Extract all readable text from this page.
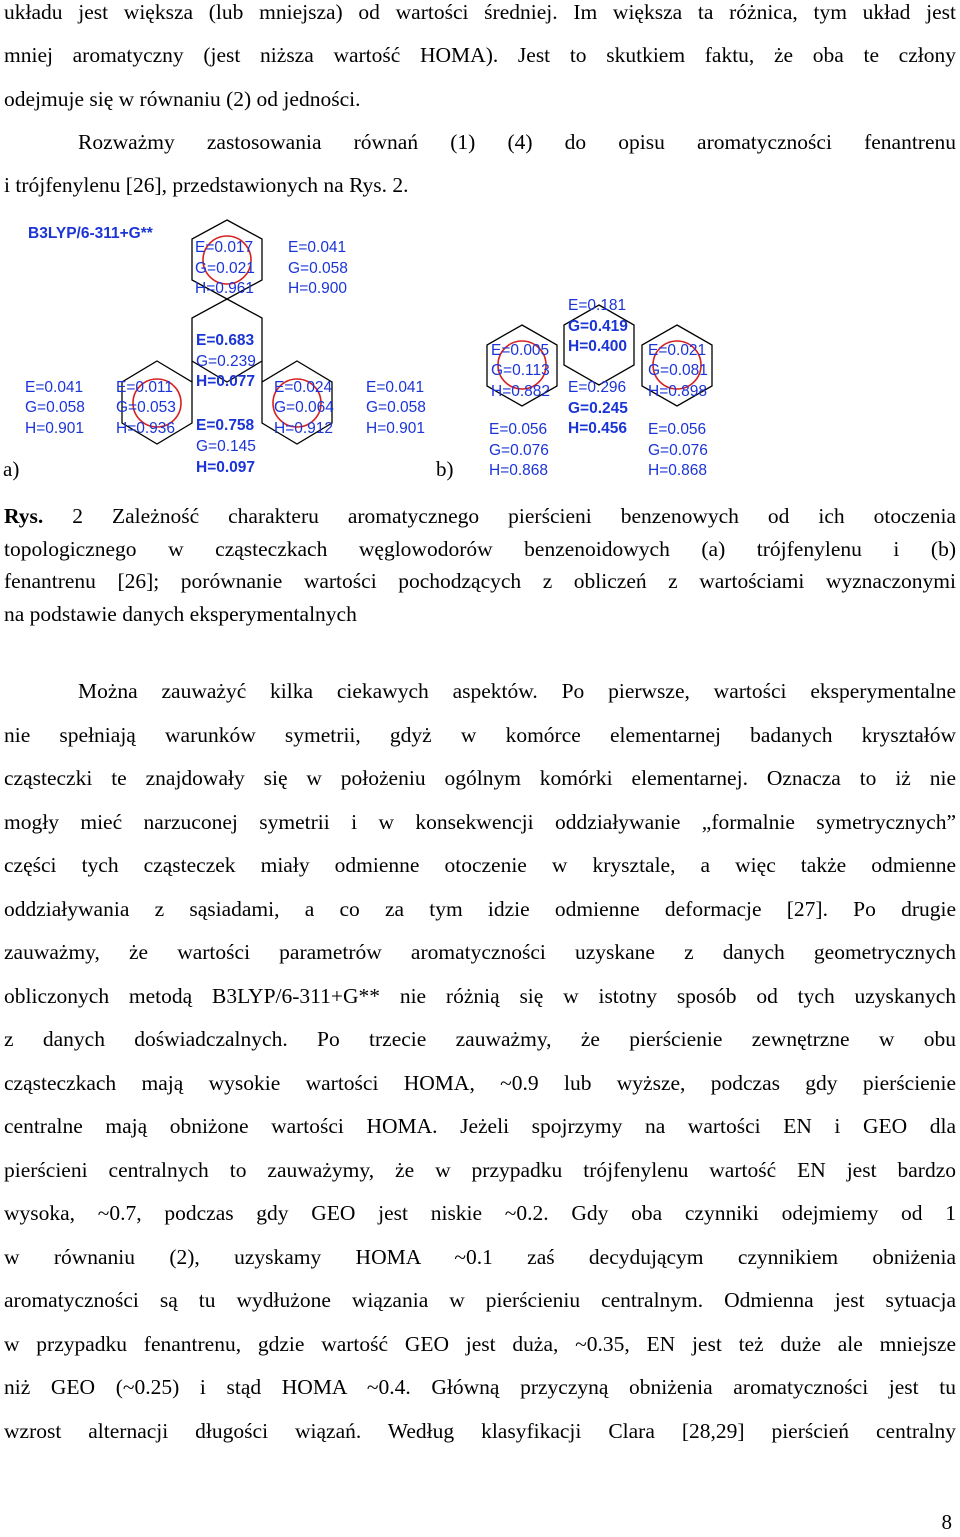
układu jest większa (lub mniejsza) od wartości średniej. Im większa ta różnica, tym układ jest

mniej aromatyczny (jest niższa wartość HOMA). Jest to skutkiem faktu, że oba te człony

odejmuje się w równaniu (2) od jedności.

Rozważmy zastosowania równań (1) (4) do opisu aromatyczności fenantrenu

i trójfenylenu [26], przedstawionych na Rys. 2.

B3LYP/6-311+G**
E=0.017
G=0.021
H=0.961
E=0.041
G=0.058
H=0.900
E=0.683
G=0.239
H=0.077
E=0.758
G=0.145
H=0.097
E=0.041
G=0.058
H=0.901
E=0.011
G=0.053
H=0.936
E=0.024
G=0.064
H=0.912
E=0.041
G=0.058
H=0.901
a)
E=0.181
G=0.419
H=0.400
E=0.005
G=0.113
H=0.882
E=0.021
G=0.081
H=0.898
E=0.296
G=0.245
H=0.456
E=0.056
G=0.076
H=0.868
E=0.056
G=0.076
H=0.868
b)

Rys. 2 Zależność charakteru aromatycznego pierścieni benzenowych od ich otoczenia

topologicznego w cząsteczkach węglowodorów benzenoidowych (a) trójfenylenu i (b)

fenantrenu [26]; porównanie wartości pochodzących z obliczeń z wartościami wyznaczonymi

na podstawie danych eksperymentalnych

Można zauważyć kilka ciekawych aspektów. Po pierwsze, wartości eksperymentalne

nie spełniają warunków symetrii, gdyż w komórce elementarnej badanych kryształów

cząsteczki te znajdowały się w położeniu ogólnym komórki elementarnej. Oznacza to iż nie

mogły mieć narzuconej symetrii i w konsekwencji oddziaływanie „formalnie symetrycznych”

części tych cząsteczek miały odmienne otoczenie w krysztale, a więc także odmienne

oddziaływania z sąsiadami, a co za tym idzie odmienne deformacje [27]. Po drugie

zauważmy, że wartości parametrów aromatyczności uzyskane z danych geometrycznych

obliczonych metodą B3LYP/6-311+G** nie różnią się w istotny sposób od tych uzyskanych

z danych doświadczalnych. Po trzecie zauważmy, że pierścienie zewnętrzne w obu

cząsteczkach mają wysokie wartości HOMA, ~0.9 lub wyższe, podczas gdy pierścienie

centralne mają obniżone wartości HOMA. Jeżeli spojrzymy na wartości EN i GEO dla

pierścieni centralnych to zauważymy, że w przypadku trójfenylenu wartość EN jest bardzo

wysoka, ~0.7, podczas gdy GEO jest niskie ~0.2. Gdy oba czynniki odejmiemy od 1

w równaniu (2), uzyskamy HOMA ~0.1 zaś decydującym czynnikiem obniżenia

aromatyczności są tu wydłużone wiązania w pierścieniu centralnym. Odmienna jest sytuacja

w przypadku fenantrenu, gdzie wartość GEO jest duża, ~0.35, EN jest też duże ale mniejsze

niż GEO (~0.25) i stąd HOMA ~0.4. Główną przyczyną obniżenia aromatyczności jest tu

wzrost alternacji długości wiązań. Według klasyfikacji Clara [28,29] pierścień centralny

8
